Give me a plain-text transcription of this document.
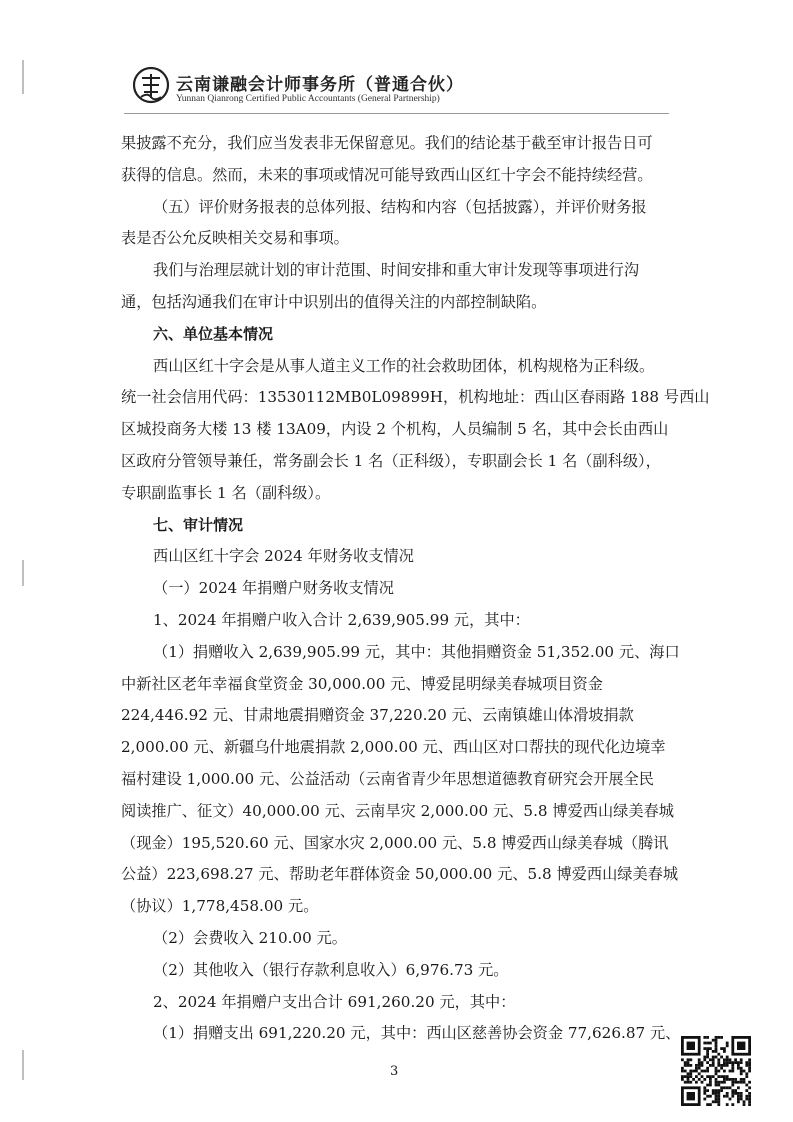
云南谦融会计师事务所（普通合伙）
Yunnan Qianrong Certified Public Accountants (General Partnership)

果披露不充分，我们应当发表非无保留意见。我们的结论基于截至审计报告日可

获得的信息。然而，未来的事项或情况可能导致西山区红十字会不能持续经营。

（五）评价财务报表的总体列报、结构和内容（包括披露），并评价财务报

表是否公允反映相关交易和事项。

我们与治理层就计划的审计范围、时间安排和重大审计发现等事项进行沟

通，包括沟通我们在审计中识别出的值得关注的内部控制缺陷。

六、单位基本情况

西山区红十字会是从事人道主义工作的社会救助团体，机构规格为正科级。

统一社会信用代码：13530112MB0L09899H，机构地址：西山区春雨路 188 号西山

区城投商务大楼 13 楼 13A09，内设 2 个机构，人员编制 5 名，其中会长由西山

区政府分管领导兼任，常务副会长 1 名（正科级），专职副会长 1 名（副科级），

专职副监事长 1 名（副科级）。

七、审计情况

西山区红十字会 2024 年财务收支情况

（一）2024 年捐赠户财务收支情况

1、2024 年捐赠户收入合计 2,639,905.99 元，其中：

（1）捐赠收入 2,639,905.99 元，其中：其他捐赠资金 51,352.00 元、海口

中新社区老年幸福食堂资金 30,000.00 元、博爱昆明绿美春城项目资金

224,446.92 元、甘肃地震捐赠资金 37,220.20 元、云南镇雄山体滑坡捐款

2,000.00 元、新疆乌什地震捐款 2,000.00 元、西山区对口帮扶的现代化边境幸

福村建设 1,000.00 元、公益活动（云南省青少年思想道德教育研究会开展全民

阅读推广、征文）40,000.00 元、云南旱灾 2,000.00 元、5.8 博爱西山绿美春城

（现金）195,520.60 元、国家水灾 2,000.00 元、5.8 博爱西山绿美春城（腾讯

公益）223,698.27 元、帮助老年群体资金 50,000.00 元、5.8 博爱西山绿美春城

（协议）1,778,458.00 元。

（2）会费收入 210.00 元。

（2）其他收入（银行存款利息收入）6,976.73 元。

2、2024 年捐赠户支出合计 691,260.20 元，其中：

（1）捐赠支出 691,220.20 元，其中：西山区慈善协会资金 77,626.87 元、

3
